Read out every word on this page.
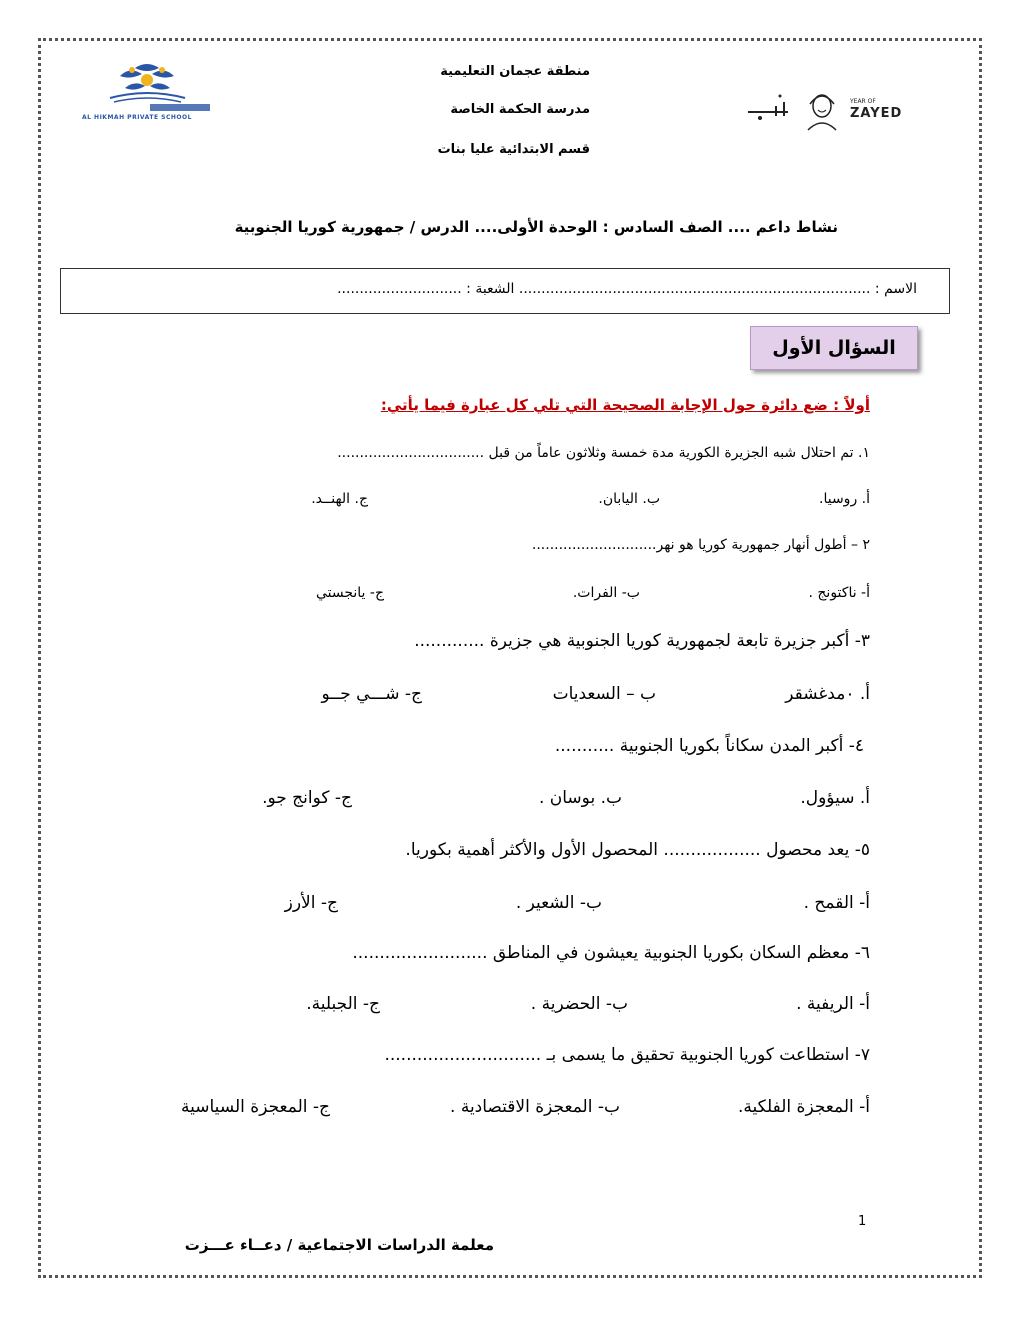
AL HIKMAH PRIVATE SCHOOL
منطقة عجمان التعليمية
مدرسة الحكمة الخاصة
قسم الابتدائية عليا بنات
YEAR OF
ZAYED
نشاط داعم .... الصف السادس : الوحدة الأولى.... الدرس / جمهورية كوريا الجنوبية
الاسم : ............................................................................... الشعبة : ............................
السؤال الأول
أولاً : ضع دائرة حول الإجابة الصحيحة التي تلي كل عبارة فيما يأتي:
١. تم احتلال شبه الجزيرة الكورية مدة خمسة وثلاثون عاماً من قبل .................................
أ. روسيا.
ب. اليابان.
ج. الهنــد.
٢ – أطول أنهار جمهورية كوريا هو نهر............................
أ- ناكتونج .
ب- الفرات.
ج- يانجستي
٣- أكبر جزيرة تابعة لجمهورية كوريا الجنوبية هي جزيرة .............
أ. ٠مدغشقر
ب – السعديات
ج- شـــي جــو
٤- أكبر المدن سكاناً بكوريا الجنوبية ...........
أ. سيؤول.
ب. بوسان .
ج- كوانج جو.
٥- يعد محصول .................. المحصول الأول والأكثر أهمية بكوريا.
أ- القمح .
ب- الشعير .
ج- الأرز
٦- معظم السكان بكوريا الجنوبية يعيشون في المناطق .........................
أ- الريفية .
ب- الحضرية .
ج- الجبلية.
٧- استطاعت كوريا الجنوبية تحقيق ما يسمى بـ .............................
أ- المعجزة الفلكية.
ب- المعجزة الاقتصادية .
ج- المعجزة السياسية
1
معلمة الدراسات الاجتماعية / دعــاء عـــزت
